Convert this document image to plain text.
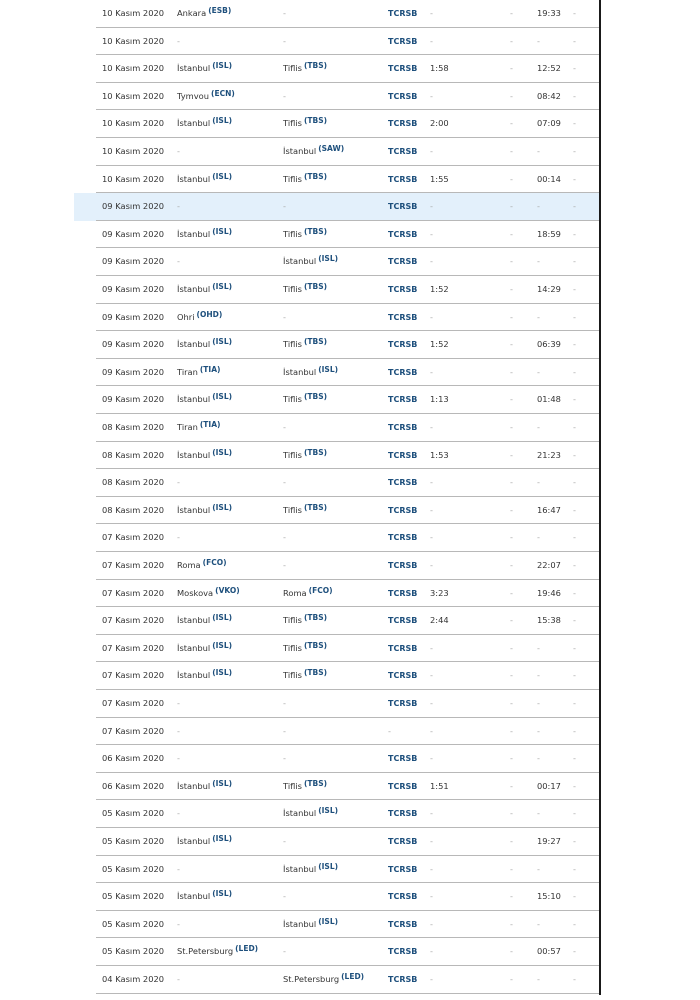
10 Kasım 2020 Ankara (ESB)	-	TCRSB -	-	19:33 -
10 Kasım 2020 -	-	TCRSB -	-	-	-
10 Kasım 2020 İstanbul (ISL)	Tiflis (TBS)	TCRSB 1:58	-	12:52 -
10 Kasım 2020 Tymvou (ECN)	-	TCRSB -	-	08:42 -
10 Kasım 2020 İstanbul (ISL)	Tiflis (TBS)	TCRSB 2:00	-	07:09 -
10 Kasım 2020 -	İstanbul (SAW)	TCRSB -	-	-	-
10 Kasım 2020 İstanbul (ISL)	Tiflis (TBS)	TCRSB 1:55	-	00:14 -
09 Kasım 2020 -	-	TCRSB -	-	-	-
09 Kasım 2020 İstanbul (ISL)	Tiflis (TBS)	TCRSB -	-	18:59 -
09 Kasım 2020 -	İstanbul (ISL)	TCRSB -	-	-	-
09 Kasım 2020 İstanbul (ISL)	Tiflis (TBS)	TCRSB 1:52	-	14:29 -
09 Kasım 2020 Ohri (OHD)	-	TCRSB -	-	-	-
09 Kasım 2020 İstanbul (ISL)	Tiflis (TBS)	TCRSB 1:52	-	06:39 -
09 Kasım 2020 Tiran (TIA)	İstanbul (ISL)	TCRSB -	-	-	-
09 Kasım 2020 İstanbul (ISL)	Tiflis (TBS)	TCRSB 1:13	-	01:48 -
08 Kasım 2020 Tiran (TIA)	-	TCRSB -	-	-	-
08 Kasım 2020 İstanbul (ISL)	Tiflis (TBS)	TCRSB 1:53	-	21:23 -
08 Kasım 2020 -	-	TCRSB -	-	-	-
08 Kasım 2020 İstanbul (ISL)	Tiflis (TBS)	TCRSB -	-	16:47 -
07 Kasım 2020 -	-	TCRSB -	-	-	-
07 Kasım 2020 Roma (FCO)	-	TCRSB -	-	22:07 -
07 Kasım 2020 Moskova (VKO)	Roma (FCO)	TCRSB 3:23	-	19:46 -
07 Kasım 2020 İstanbul (ISL)	Tiflis (TBS)	TCRSB 2:44	-	15:38 -
07 Kasım 2020 İstanbul (ISL)	Tiflis (TBS)	TCRSB -	-	-	-
07 Kasım 2020 İstanbul (ISL)	Tiflis (TBS)	TCRSB -	-	-	-
07 Kasım 2020 -	-	TCRSB -	-	-	-
07 Kasım 2020 -	-	-	-	-	-	-
06 Kasım 2020 -	-	TCRSB -	-	-	-
06 Kasım 2020 İstanbul (ISL)	Tiflis (TBS)	TCRSB 1:51	-	00:17 -
05 Kasım 2020 -	İstanbul (ISL)	TCRSB -	-	-	-
05 Kasım 2020 İstanbul (ISL)	-	TCRSB -	-	19:27 -
05 Kasım 2020 -	İstanbul (ISL)	TCRSB -	-	-	-
05 Kasım 2020 İstanbul (ISL)	-	TCRSB -	-	15:10 -
05 Kasım 2020 -	İstanbul (ISL)	TCRSB -	-	-	-
05 Kasım 2020 St.Petersburg (LED)	-	TCRSB -	-	00:57 -
04 Kasım 2020 -	St.Petersburg (LED)	TCRSB -	-	-	-
